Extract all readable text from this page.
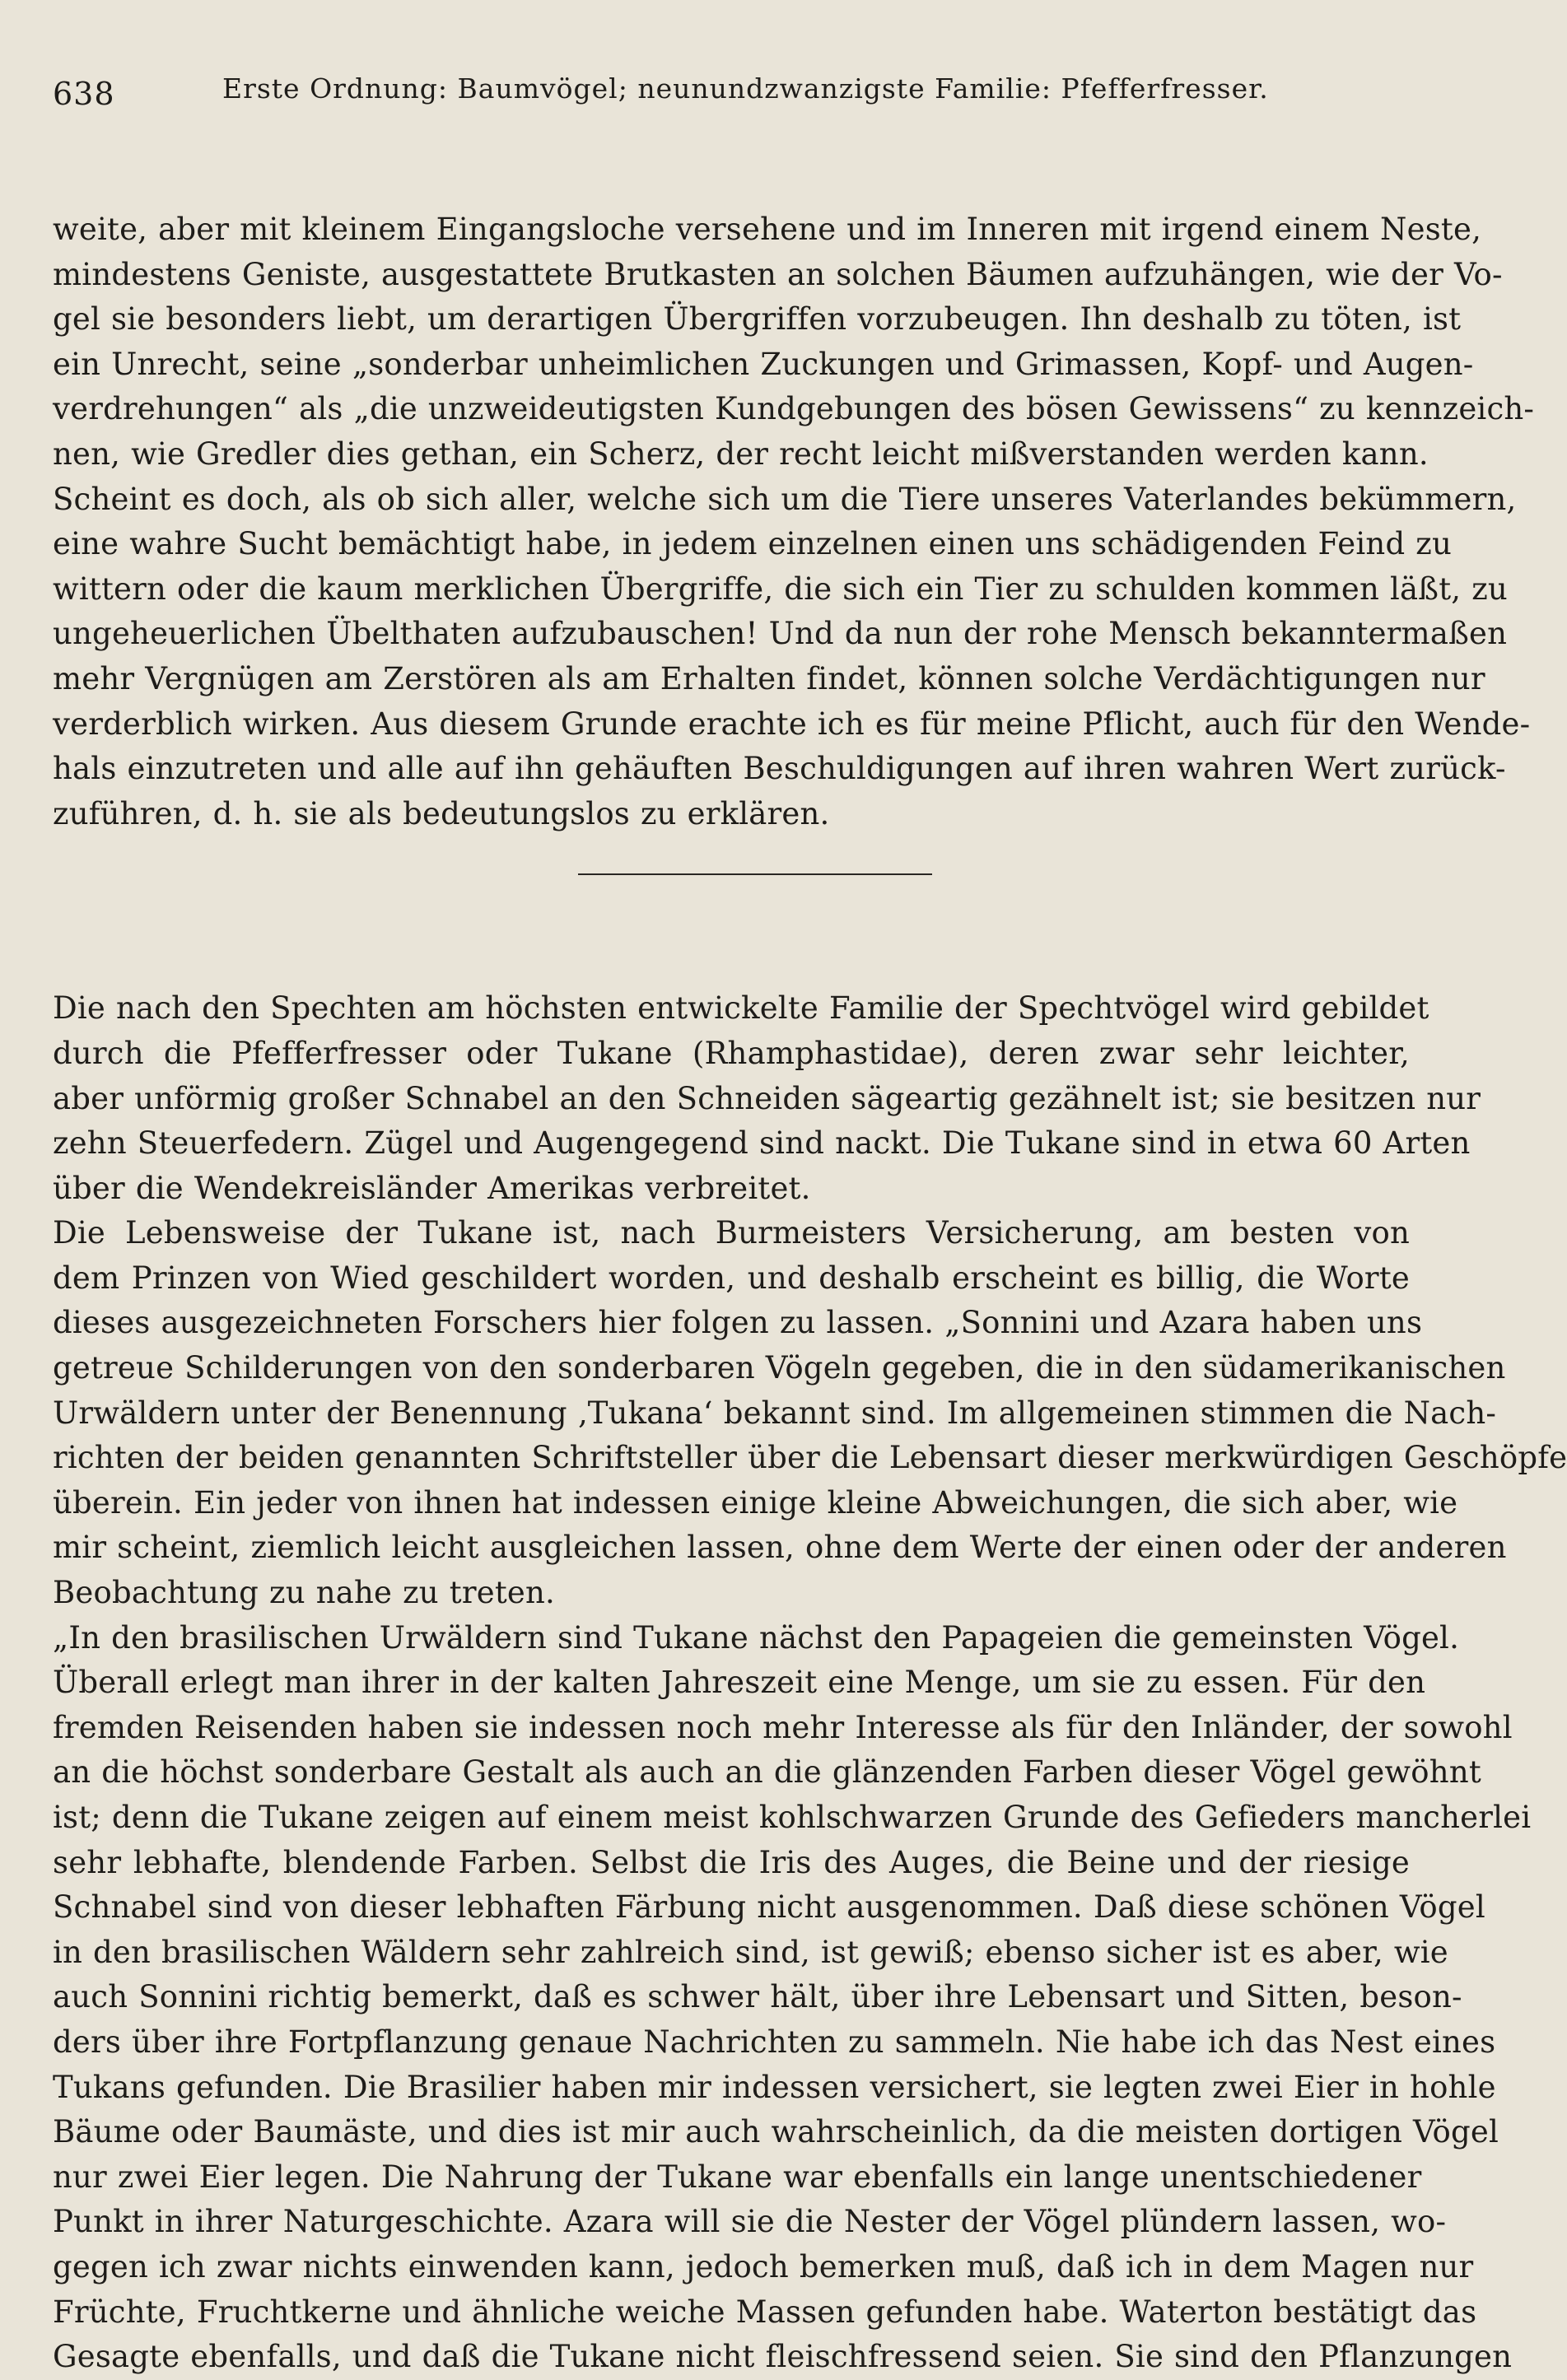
638	Erste Ordnung: Baumvögel; neunundzwanzigste Familie: Pfefferfresser.
weite, aber mit kleinem Eingangsloche versehene und im Inneren mit irgend einem Neste,
mindestens Geniste, ausgestattete Brutkasten an solchen Bäumen aufzuhängen, wie der Vo-
gel sie besonders liebt, um derartigen Übergriffen vorzubeugen. Ihn deshalb zu töten, ist
ein Unrecht, seine „sonderbar unheimlichen Zuckungen und Grimassen, Kopf- und Augen-
verdrehungen“ als „die unzweideutigsten Kundgebungen des bösen Gewissens“ zu kennzeich-
nen, wie Gredler dies gethan, ein Scherz, der recht leicht mißverstanden werden kann.
Scheint es doch, als ob sich aller, welche sich um die Tiere unseres Vaterlandes bekümmern,
eine wahre Sucht bemächtigt habe, in jedem einzelnen einen uns schädigenden Feind zu
wittern oder die kaum merklichen Übergriffe, die sich ein Tier zu schulden kommen läßt, zu
ungeheuerlichen Übelthaten aufzubauschen! Und da nun der rohe Mensch bekanntermaßen
mehr Vergnügen am Zerstören als am Erhalten findet, können solche Verdächtigungen nur
verderblich wirken. Aus diesem Grunde erachte ich es für meine Pflicht, auch für den Wende-
hals einzutreten und alle auf ihn gehäuften Beschuldigungen auf ihren wahren Wert zurück-
zuführen, d. h. sie als bedeutungslos zu erklären.
Die nach den Spechten am höchsten entwickelte Familie der Spechtvögel wird gebildet
durch die Pfefferfresser oder Tukane (Rhamphastidae), deren zwar sehr leichter,
aber unförmig großer Schnabel an den Schneiden sägeartig gezähnelt ist; sie besitzen nur
zehn Steuerfedern. Zügel und Augengegend sind nackt. Die Tukane sind in etwa 60 Arten
über die Wendekreisländer Amerikas verbreitet.
Die Lebensweise der Tukane ist, nach Burmeisters Versicherung, am besten von
dem Prinzen von Wied geschildert worden, und deshalb erscheint es billig, die Worte
dieses ausgezeichneten Forschers hier folgen zu lassen. „Sonnini und Azara haben uns
getreue Schilderungen von den sonderbaren Vögeln gegeben, die in den südamerikanischen
Urwäldern unter der Benennung ‚Tukana‘ bekannt sind. Im allgemeinen stimmen die Nach-
richten der beiden genannten Schriftsteller über die Lebensart dieser merkwürdigen Geschöpfe
überein. Ein jeder von ihnen hat indessen einige kleine Abweichungen, die sich aber, wie
mir scheint, ziemlich leicht ausgleichen lassen, ohne dem Werte der einen oder der anderen
Beobachtung zu nahe zu treten.
„In den brasilischen Urwäldern sind Tukane nächst den Papageien die gemeinsten Vögel.
Überall erlegt man ihrer in der kalten Jahreszeit eine Menge, um sie zu essen. Für den
fremden Reisenden haben sie indessen noch mehr Interesse als für den Inländer, der sowohl
an die höchst sonderbare Gestalt als auch an die glänzenden Farben dieser Vögel gewöhnt
ist; denn die Tukane zeigen auf einem meist kohlschwarzen Grunde des Gefieders mancherlei
sehr lebhafte, blendende Farben. Selbst die Iris des Auges, die Beine und der riesige
Schnabel sind von dieser lebhaften Färbung nicht ausgenommen. Daß diese schönen Vögel
in den brasilischen Wäldern sehr zahlreich sind, ist gewiß; ebenso sicher ist es aber, wie
auch Sonnini richtig bemerkt, daß es schwer hält, über ihre Lebensart und Sitten, beson-
ders über ihre Fortpflanzung genaue Nachrichten zu sammeln. Nie habe ich das Nest eines
Tukans gefunden. Die Brasilier haben mir indessen versichert, sie legten zwei Eier in hohle
Bäume oder Baumäste, und dies ist mir auch wahrscheinlich, da die meisten dortigen Vögel
nur zwei Eier legen. Die Nahrung der Tukane war ebenfalls ein lange unentschiedener
Punkt in ihrer Naturgeschichte. Azara will sie die Nester der Vögel plündern lassen, wo-
gegen ich zwar nichts einwenden kann, jedoch bemerken muß, daß ich in dem Magen nur
Früchte, Fruchtkerne und ähnliche weiche Massen gefunden habe. Waterton bestätigt das
Gesagte ebenfalls, und daß die Tukane nicht fleischfressend seien. Sie sind den Pflanzungen
